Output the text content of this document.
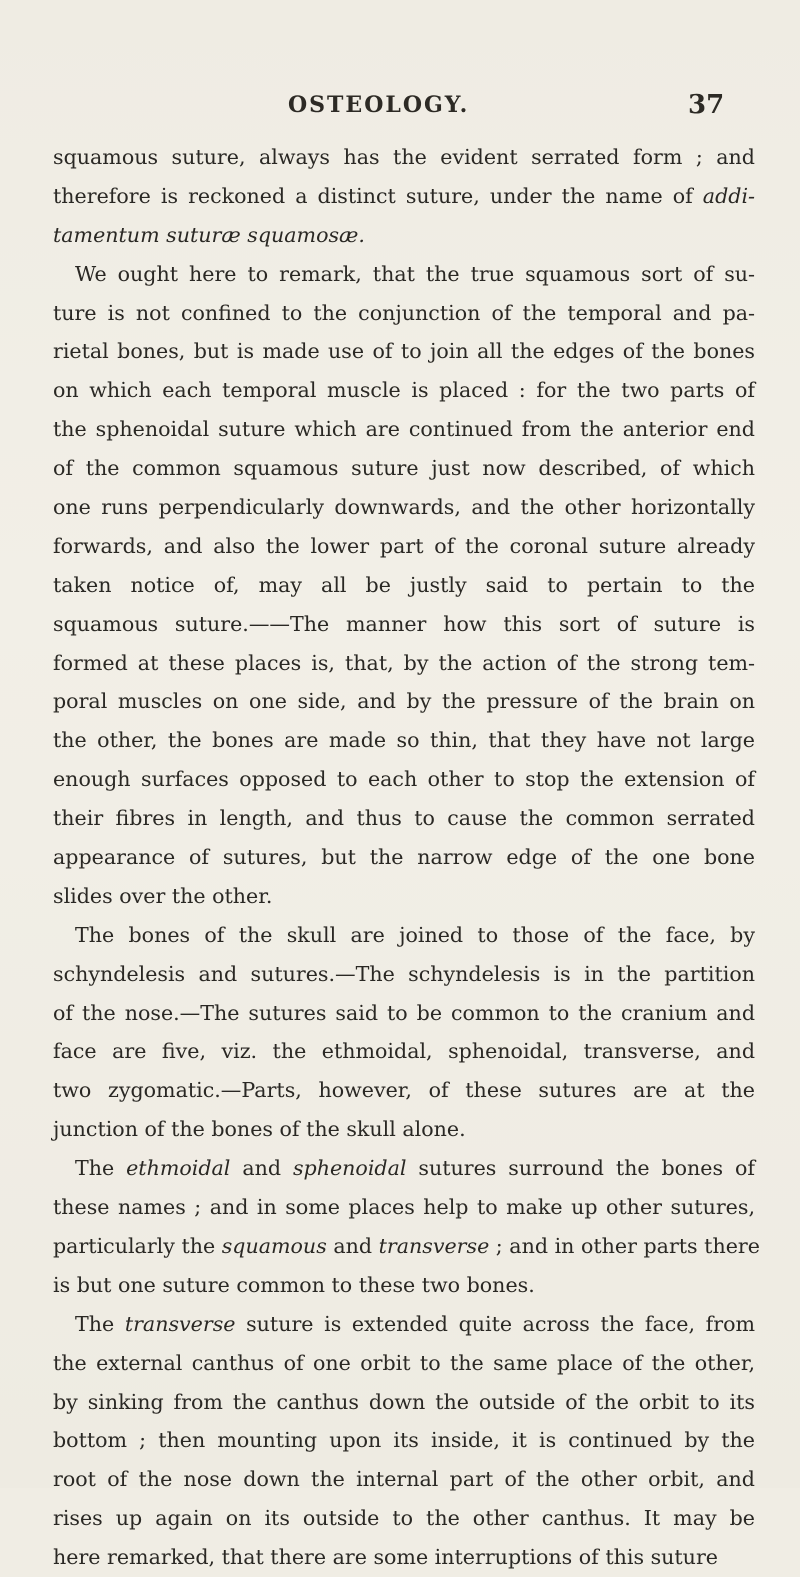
OSTEOLOGY.	37
squamous suture, always has the evident serrated form ; and
therefore is reckoned a distinct suture, under the name of addi-
tamentum suturæ squamosæ.
We ought here to remark, that the true squamous sort of su-
ture is not confined to the conjunction of the temporal and pa-
rietal bones, but is made use of to join all the edges of the bones
on which each temporal muscle is placed : for the two parts of
the sphenoidal suture which are continued from the anterior end
of the common squamous suture just now described, of which
one runs perpendicularly downwards, and the other horizontally
forwards, and also the lower part of the coronal suture already
taken notice of, may all be justly said to pertain to the
squamous suture.——The manner how this sort of suture is
formed at these places is, that, by the action of the strong tem-
poral muscles on one side, and by the pressure of the brain on
the other, the bones are made so thin, that they have not large
enough surfaces opposed to each other to stop the extension of
their fibres in length, and thus to cause the common serrated
appearance of sutures, but the narrow edge of the one bone
slides over the other.
The bones of the skull are joined to those of the face, by
schyndelesis and sutures.—The schyndelesis is in the partition
of the nose.—The sutures said to be common to the cranium and
face are five, viz. the ethmoidal, sphenoidal, transverse, and
two zygomatic.—Parts, however, of these sutures are at the
junction of the bones of the skull alone.
The ethmoidal and sphenoidal sutures surround the bones of
these names ; and in some places help to make up other sutures,
particularly the squamous and transverse ; and in other parts there
is but one suture common to these two bones.
The transverse suture is extended quite across the face, from
the external canthus of one orbit to the same place of the other,
by sinking from the canthus down the outside of the orbit to its
bottom ; then mounting upon its inside, it is continued by the
root of the nose down the internal part of the other orbit, and
rises up again on its outside to the other canthus. It may be
here remarked, that there are some interruptions of this suture
